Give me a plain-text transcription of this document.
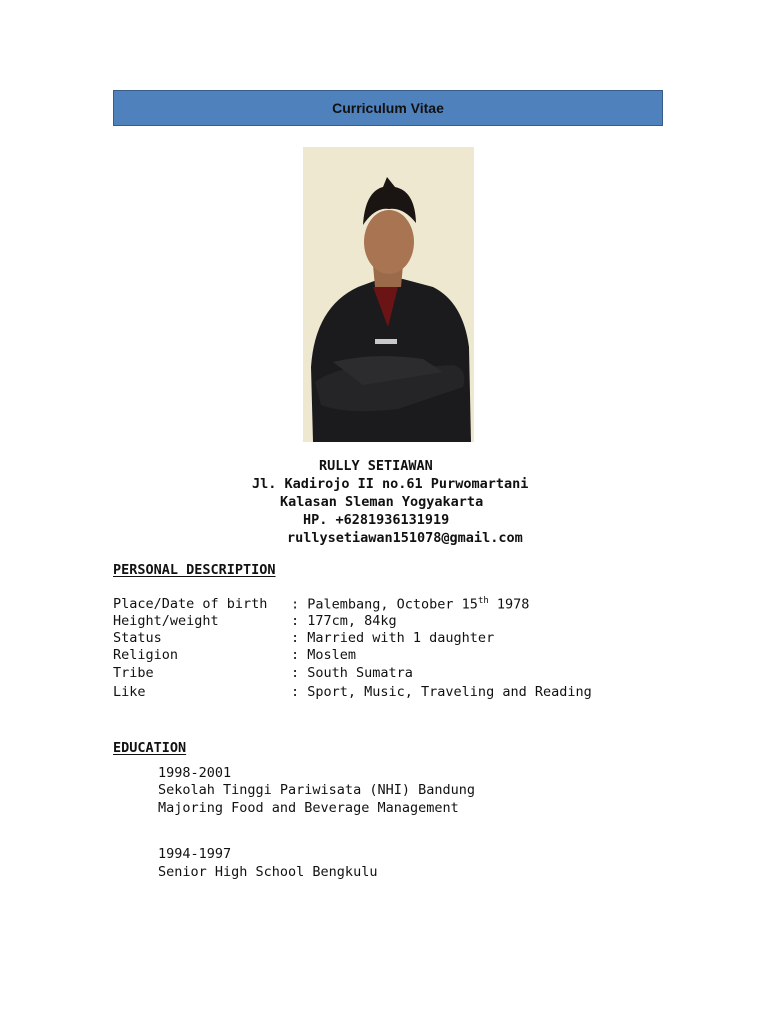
Curriculum Vitae
RULLY SETIAWAN
Jl. Kadirojo II no.61 Purwomartani
Kalasan Sleman Yogyakarta
HP. +6281936131919
rullysetiawan151078@gmail.com
PERSONAL DESCRIPTION
Place/Date of birth : Palembang, October 15th 1978
Height/weight	: 177cm, 84kg
Status	: Married with 1 daughter
Religion	: Moslem
Tribe	: South Sumatra
Like	: Sport, Music, Traveling and Reading
EDUCATION
1998-2001
Sekolah Tinggi Pariwisata (NHI) Bandung
Majoring Food and Beverage Management
1994-1997
Senior High School Bengkulu
